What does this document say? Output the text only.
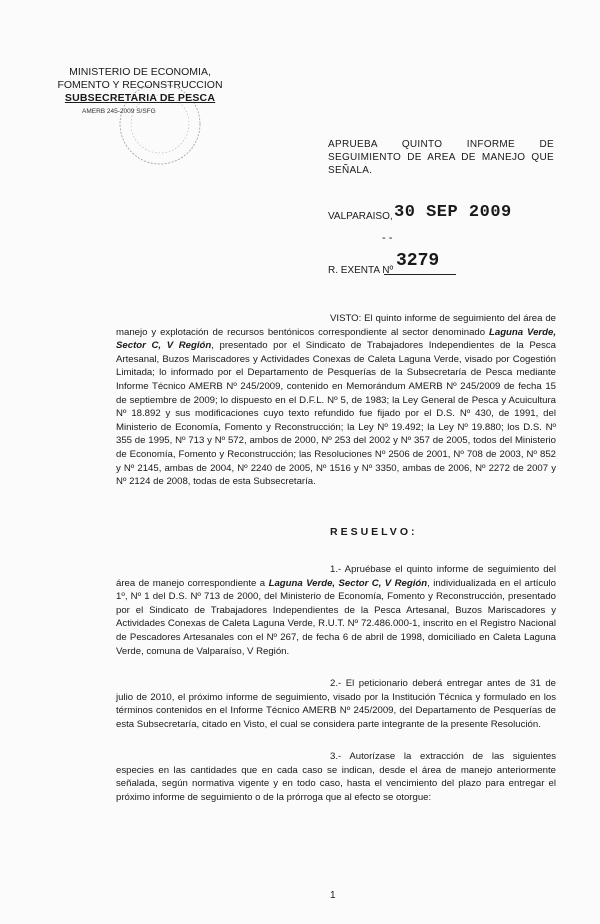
MINISTERIO DE ECONOMIA,
FOMENTO Y RECONSTRUCCION
SUBSECRETARIA DE PESCA
AMERB 245-2009 S/SFG
APRUEBA QUINTO INFORME DE SEGUIMIENTO DE AREA DE MANEJO QUE SEÑALA.
VALPARAISO, 30 SEP 2009
- -
R. EXENTA Nº 3279

VISTO: El quinto informe de seguimiento del área de manejo y explotación de recursos bentónicos correspondiente al sector denominado Laguna Verde, Sector C, V Región, presentado por el Sindicato de Trabajadores Independientes de la Pesca Artesanal, Buzos Mariscadores y Actividades Conexas de Caleta Laguna Verde, visado por Cogestión Limitada; lo informado por el Departamento de Pesquerías de la Subsecretaría de Pesca mediante Informe Técnico AMERB Nº 245/2009, contenido en Memorándum AMERB Nº 245/2009 de fecha 15 de septiembre de 2009; lo dispuesto en el D.F.L. Nº 5, de 1983; la Ley General de Pesca y Acuicultura Nº 18.892 y sus modificaciones cuyo texto refundido fue fijado por el D.S. Nº 430, de 1991, del Ministerio de Economía, Fomento y Reconstrucción; la Ley Nº 19.492; la Ley Nº 19.880; los D.S. Nº 355 de 1995, Nº 713 y Nº 572, ambos de 2000, Nº 253 del 2002 y Nº 357 de 2005, todos del Ministerio de Economía, Fomento y Reconstrucción; las Resoluciones Nº 2506 de 2001, Nº 708 de 2003, Nº 852 y Nº 2145, ambas de 2004, Nº 2240 de 2005, Nº 1516 y Nº 3350, ambas de 2006, Nº 2272 de 2007 y Nº 2124 de 2008, todas de esta Subsecretaría.

RESUELVO:

1.- Apruébase el quinto informe de seguimiento del área de manejo correspondiente a Laguna Verde, Sector C, V Región, individualizada en el artículo 1º, Nº 1 del D.S. Nº 713 de 2000, del Ministerio de Economía, Fomento y Reconstrucción, presentado por el Sindicato de Trabajadores Independientes de la Pesca Artesanal, Buzos Mariscadores y Actividades Conexas de Caleta Laguna Verde, R.U.T. Nº 72.486.000-1, inscrito en el Registro Nacional de Pescadores Artesanales con el Nº 267, de fecha 6 de abril de 1998, domiciliado en Caleta Laguna Verde, comuna de Valparaíso, V Región.

2.- El peticionario deberá entregar antes de 31 de julio de 2010, el próximo informe de seguimiento, visado por la Institución Técnica y formulado en los términos contenidos en el Informe Técnico AMERB Nº 245/2009, del Departamento de Pesquerías de esta Subsecretaría, citado en Visto, el cual se considera parte integrante de la presente Resolución.

3.- Autorízase la extracción de las siguientes especies en las cantidades que en cada caso se indican, desde el área de manejo anteriormente señalada, según normativa vigente y en todo caso, hasta el vencimiento del plazo para entregar el próximo informe de seguimiento o de la prórroga que al efecto se otorgue:

1
